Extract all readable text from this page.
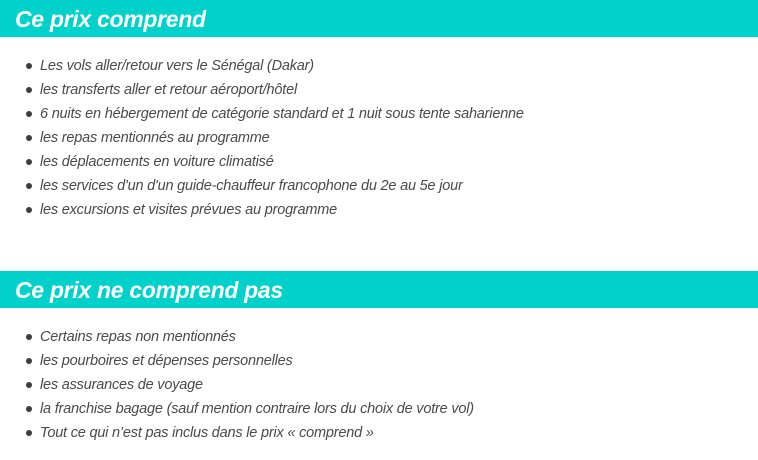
Ce prix comprend
Les vols aller/retour vers le Sénégal (Dakar)
les transferts aller et retour aéroport/hôtel
6 nuits en hébergement de catégorie standard et 1 nuit sous tente saharienne
les repas mentionnés au programme
les déplacements en voiture climatisé
les services d'un d'un guide-chauffeur francophone du 2e au 5e jour
les excursions et visites prévues au programme
Ce prix ne comprend pas
Certains repas non mentionnés
les pourboires et dépenses personnelles
les assurances de voyage
la franchise bagage (sauf mention contraire lors du choix de votre vol)
Tout ce qui n’est pas inclus dans le prix « comprend »
